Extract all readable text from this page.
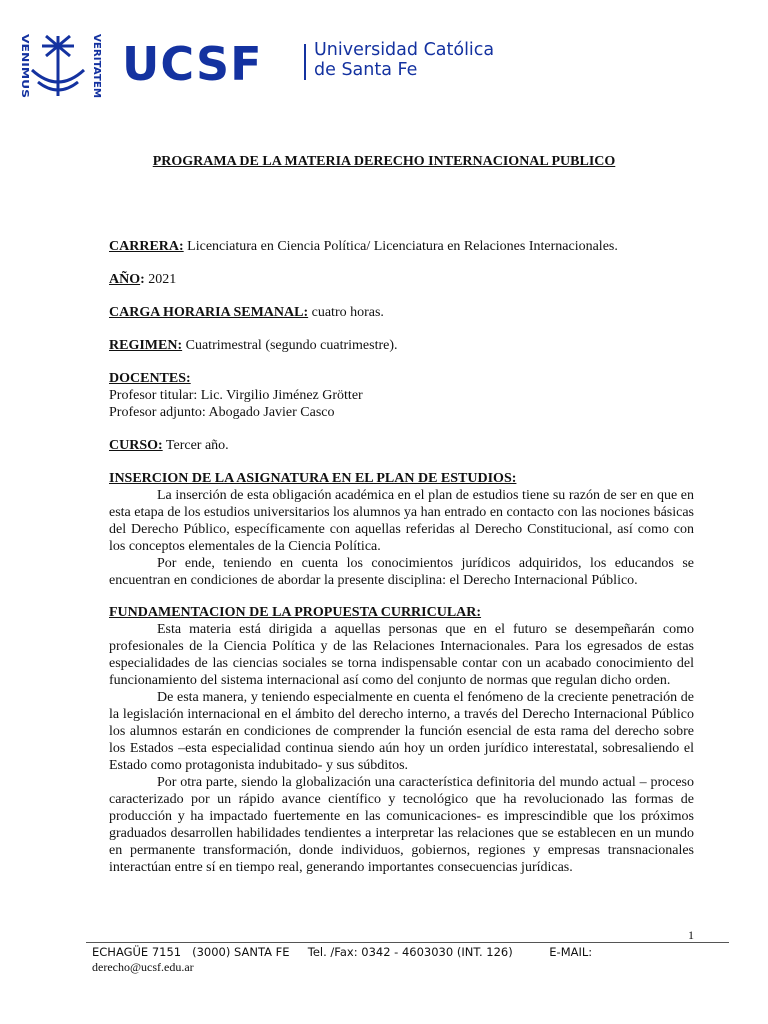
VENIMUS	VERITATEM UCSF	Universidad Católica
de Santa Fe
PROGRAMA DE LA MATERIA DERECHO INTERNACIONAL PUBLICO
CARRERA: Licenciatura en Ciencia Política/ Licenciatura en Relaciones Internacionales.
AÑO: 2021
CARGA HORARIA SEMANAL: cuatro horas.
REGIMEN: Cuatrimestral (segundo cuatrimestre).
DOCENTES:
Profesor titular: Lic. Virgilio Jiménez Grötter
Profesor adjunto: Abogado Javier Casco
CURSO: Tercer año.
INSERCION DE LA ASIGNATURA EN EL PLAN DE ESTUDIOS:

La inserción de esta obligación académica en el plan de estudios tiene su razón de ser en que en esta etapa de los estudios universitarios los alumnos ya han entrado en contacto con las nociones básicas del Derecho Público, específicamente con aquellas referidas al Derecho Constitucional, así como con los conceptos elementales de la Ciencia Política.

Por ende, teniendo en cuenta los conocimientos jurídicos adquiridos, los educandos se encuentran en condiciones de abordar la presente disciplina: el Derecho Internacional Público.

FUNDAMENTACION DE LA PROPUESTA CURRICULAR:

Esta materia está dirigida a aquellas personas que en el futuro se desempeñarán como profesionales de la Ciencia Política y de las Relaciones Internacionales. Para los egresados de estas especialidades de las ciencias sociales se torna indispensable contar con un acabado conocimiento del funcionamiento del sistema internacional así como del conjunto de normas que regulan dicho orden.

De esta manera, y teniendo especialmente en cuenta el fenómeno de la creciente penetración de la legislación internacional en el ámbito del derecho interno, a través del Derecho Internacional Público los alumnos estarán en condiciones de comprender la función esencial de esta rama del derecho sobre los Estados –esta especialidad continua siendo aún hoy un orden jurídico interestatal, sobresaliendo el Estado como protagonista indubitado- y sus súbditos.

Por otra parte, siendo la globalización una característica definitoria del mundo actual – proceso caracterizado por un rápido avance científico y tecnológico que ha revolucionado las formas de producción y ha impactado fuertemente en las comunicaciones- es imprescindible que los próximos graduados desarrollen habilidades tendientes a interpretar las relaciones que se establecen en un mundo en permanente transformación, donde individuos, gobiernos, regiones y empresas transnacionales interactúan entre sí en tiempo real, generando importantes consecuencias jurídicas.

1
ECHAGÜE 7151   (3000) SANTA FE     Tel. /Fax: 0342 - 4603030 (INT. 126)          E-MAIL:
derecho@ucsf.edu.ar
